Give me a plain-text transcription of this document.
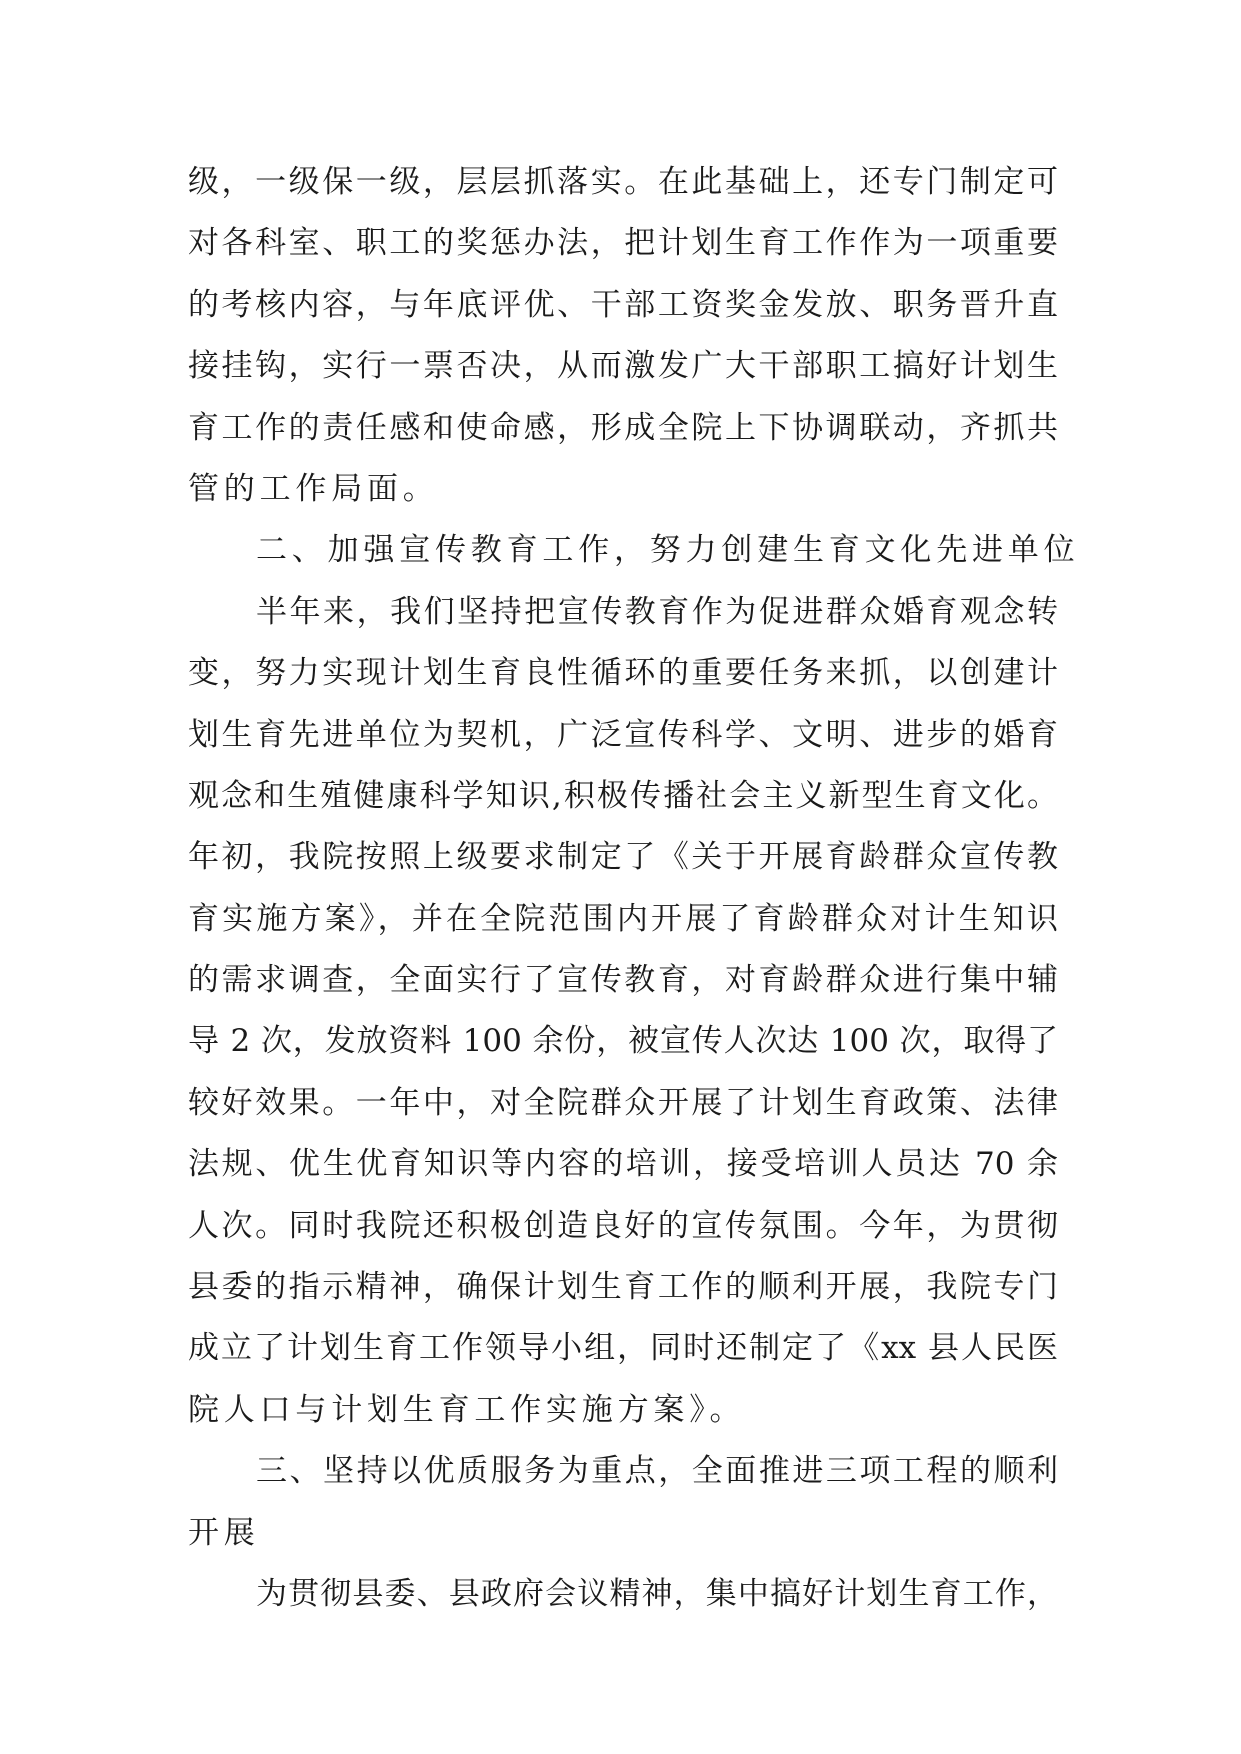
级，一级保一级，层层抓落实。在此基础上，还专门制定可
对各科室、职工的奖惩办法，把计划生育工作作为一项重要
的考核内容，与年底评优、干部工资奖金发放、职务晋升直
接挂钩，实行一票否决，从而激发广大干部职工搞好计划生
育工作的责任感和使命感，形成全院上下协调联动，齐抓共
管的工作局面。
二、加强宣传教育工作，努力创建生育文化先进单位
半年来，我们坚持把宣传教育作为促进群众婚育观念转
变，努力实现计划生育良性循环的重要任务来抓，以创建计
划生育先进单位为契机，广泛宣传科学、文明、进步的婚育
观念和生殖健康科学知识,积极传播社会主义新型生育文化。
年初，我院按照上级要求制定了《关于开展育龄群众宣传教
育实施方案》，并在全院范围内开展了育龄群众对计生知识
的需求调查，全面实行了宣传教育，对育龄群众进行集中辅
导 2 次，发放资料 100 余份，被宣传人次达 100 次，取得了
较好效果。一年中，对全院群众开展了计划生育政策、法律
法规、优生优育知识等内容的培训，接受培训人员达 70 余
人次。同时我院还积极创造良好的宣传氛围。今年，为贯彻
县委的指示精神，确保计划生育工作的顺利开展，我院专门
成立了计划生育工作领导小组，同时还制定了《xx 县人民医
院人口与计划生育工作实施方案》。
三、坚持以优质服务为重点，全面推进三项工程的顺利
开展
为贯彻县委、县政府会议精神，集中搞好计划生育工作，
